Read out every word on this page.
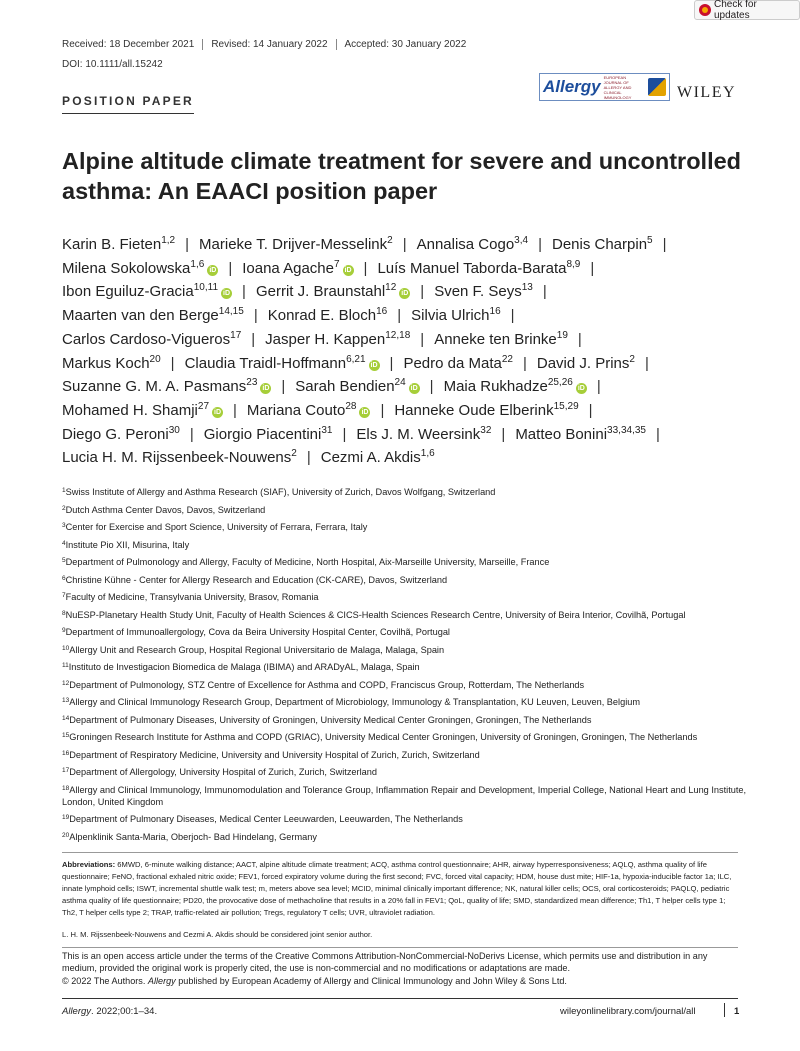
Check for updates
Received: 18 December 2021 Revised: 14 January 2022 Accepted: 30 January 2022
DOI: 10.1111/all.15242
POSITION PAPER
Allergy EUROPEAN JOURNAL OF ALLERGY AND CLINICAL IMMUNOLOGY	WILEY
Alpine altitude climate treatment for severe and uncontrolled asthma: An EAACI position paper

Karin B. Fieten$^{1,2}$ | Marieke T. Drijver-Messelink$^2$ | Annalisa Cogo$^{3,4}$ | Denis Charpin$^5$ |
Milena Sokolowska$^{1,6}$iD | Ioana Agache$^7$iD | Luís Manuel Taborda-Barata$^{8,9}$ |
Ibon Eguiluz-Gracia$^{10,11}$iD | Gerrit J. Braunstahl$^{12}$iD | Sven F. Seys$^{13}$ |
Maarten van den Berge$^{14,15}$ | Konrad E. Bloch$^{16}$ | Silvia Ulrich$^{16}$ |
Carlos Cardoso-Vigueros$^{17}$ | Jasper H. Kappen$^{12,18}$ | Anneke ten Brinke$^{19}$ |
Markus Koch$^{20}$ | Claudia Traidl-Hoffmann$^{6,21}$iD | Pedro da Mata$^{22}$ | David J. Prins$^2$ |
Suzanne G. M. A. Pasmans$^{23}$iD | Sarah Bendien$^{24}$iD | Maia Rukhadze$^{25,26}$iD |
Mohamed H. Shamji$^{27}$iD | Mariana Couto$^{28}$iD | Hanneke Oude Elberink$^{15,29}$ |
Diego G. Peroni$^{30}$ | Giorgio Piacentini$^{31}$ | Els J. M. Weersink$^{32}$ | Matteo Bonini$^{33,34,35}$ |
Lucia H. M. Rijssenbeek-Nouwens$^2$ | Cezmi A. Akdis$^{1,6}$

$^1$Swiss Institute of Allergy and Asthma Research (SIAF), University of Zurich, Davos Wolfgang, Switzerland
$^2$Dutch Asthma Center Davos, Davos, Switzerland
$^3$Center for Exercise and Sport Science, University of Ferrara, Ferrara, Italy
$^4$Institute Pio XII, Misurina, Italy
$^5$Department of Pulmonology and Allergy, Faculty of Medicine, North Hospital, Aix-Marseille University, Marseille, France
$^6$Christine Kühne - Center for Allergy Research and Education (CK-CARE), Davos, Switzerland
$^7$Faculty of Medicine, Transylvania University, Brasov, Romania
$^8$NuESP-Planetary Health Study Unit, Faculty of Health Sciences & CICS-Health Sciences Research Centre, University of Beira Interior, Covilhã, Portugal
$^9$Department of Immunoallergology, Cova da Beira University Hospital Center, Covilhã, Portugal
$^{10}$Allergy Unit and Research Group, Hospital Regional Universitario de Malaga, Malaga, Spain
$^{11}$Instituto de Investigacion Biomedica de Malaga (IBIMA) and ARADyAL, Malaga, Spain
$^{12}$Department of Pulmonology, STZ Centre of Excellence for Asthma and COPD, Franciscus Group, Rotterdam, The Netherlands
$^{13}$Allergy and Clinical Immunology Research Group, Department of Microbiology, Immunology & Transplantation, KU Leuven, Leuven, Belgium
$^{14}$Department of Pulmonary Diseases, University of Groningen, University Medical Center Groningen, Groningen, The Netherlands
$^{15}$Groningen Research Institute for Asthma and COPD (GRIAC), University Medical Center Groningen, University of Groningen, Groningen, The Netherlands
$^{16}$Department of Respiratory Medicine, University and University Hospital of Zurich, Zurich, Switzerland
$^{17}$Department of Allergology, University Hospital of Zurich, Zurich, Switzerland
$^{18}$Allergy and Clinical Immunology, Immunomodulation and Tolerance Group, Inflammation Repair and Development, Imperial College, National Heart and Lung Institute, London, United Kingdom
$^{19}$Department of Pulmonary Diseases, Medical Center Leeuwarden, Leeuwarden, The Netherlands
$^{20}$Alpenklinik Santa-Maria, Oberjoch- Bad Hindelang, Germany

Abbreviations: 6MWD, 6-minute walking distance; AACT, alpine altitude climate treatment; ACQ, asthma control questionnaire; AHR, airway hyperresponsiveness; AQLQ, asthma quality of life questionnaire; FeNO, fractional exhaled nitric oxide; FEV1, forced expiratory volume during the first second; FVC, forced vital capacity; HDM, house dust mite; HIF-1a, hypoxia-inducible factor 1a; ILC, innate lymphoid cells; ISWT, incremental shuttle walk test; m, meters above sea level; MCID, minimal clinically important difference; NK, natural killer cells; OCS, oral corticosteroids; PAQLQ, pediatric asthma quality of life questionnaire; PD20, the provocative dose of methacholine that results in a 20% fall in FEV1; QoL, quality of life; SMD, standardized mean difference; Th1, T helper cells type 1; Th2, T helper cells type 2; TRAP, traffic-related air pollution; Tregs, regulatory T cells; UVR, ultraviolet radiation.

L. H. M. Rijssenbeek-Nouwens and Cezmi A. Akdis should be considered joint senior author.

This is an open access article under the terms of the Creative Commons Attribution-NonCommercial-NoDerivs License, which permits use and distribution in any medium, provided the original work is properly cited, the use is non-commercial and no modifications or adaptations are made.
© 2022 The Authors. Allergy published by European Academy of Allergy and Clinical Immunology and John Wiley & Sons Ltd.

Allergy. 2022;00:1–34.	wileyonlinelibrary.com/journal/all	1
